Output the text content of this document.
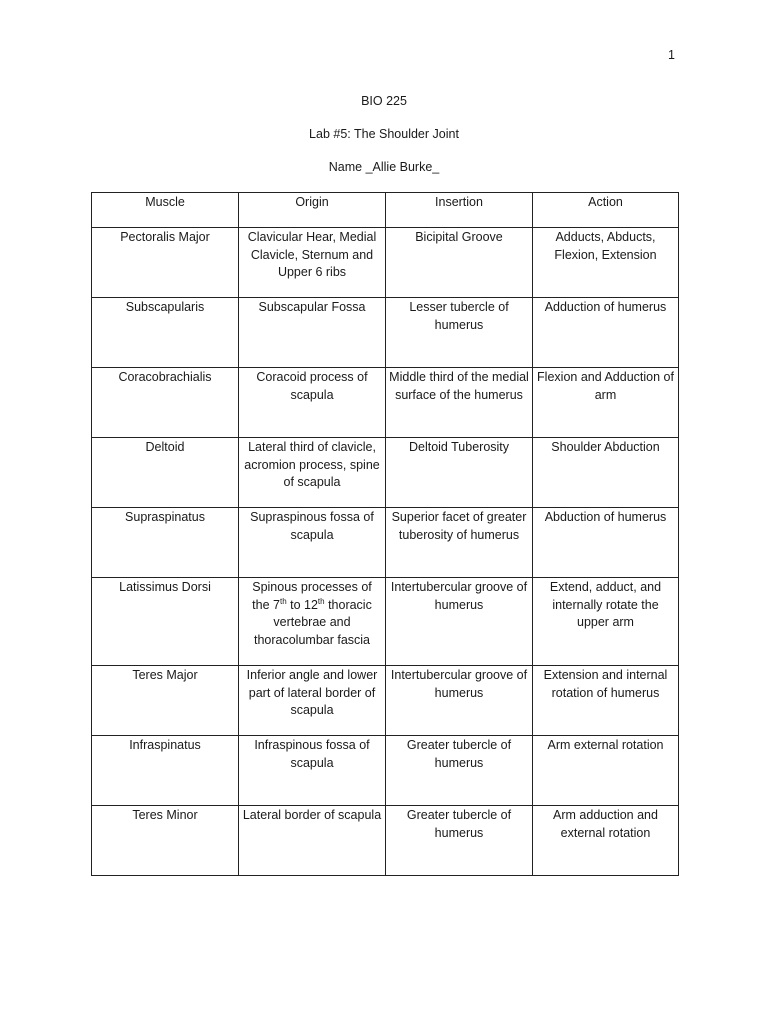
1
BIO 225
Lab #5: The Shoulder Joint
Name _Allie Burke_
Muscle	Origin	Insertion	Action
Pectoralis Major	Clavicular Hear, Medial Clavicle, Sternum and Upper 6 ribs	Bicipital Groove	Adducts, Abducts, Flexion, Extension
Subscapularis	Subscapular Fossa	Lesser tubercle of humerus	Adduction of humerus
Coracobrachialis	Coracoid process of scapula	Middle third of the medial surface of the humerus	Flexion and Adduction of arm
Deltoid	Lateral third of clavicle, acromion process, spine of scapula	Deltoid Tuberosity	Shoulder Abduction
Supraspinatus	Supraspinous fossa of scapula	Superior facet of greater tuberosity of humerus	Abduction of humerus
Latissimus Dorsi	Spinous processes of the 7th to 12th thoracic vertebrae and thoracolumbar fascia	Intertubercular groove of humerus	Extend, adduct, and internally rotate the upper arm
Teres Major	Inferior angle and lower part of lateral border of scapula	Intertubercular groove of humerus	Extension and internal rotation of humerus
Infraspinatus	Infraspinous fossa of scapula	Greater tubercle of humerus	Arm external rotation
Teres Minor	Lateral border of scapula	Greater tubercle of humerus	Arm adduction and external rotation
